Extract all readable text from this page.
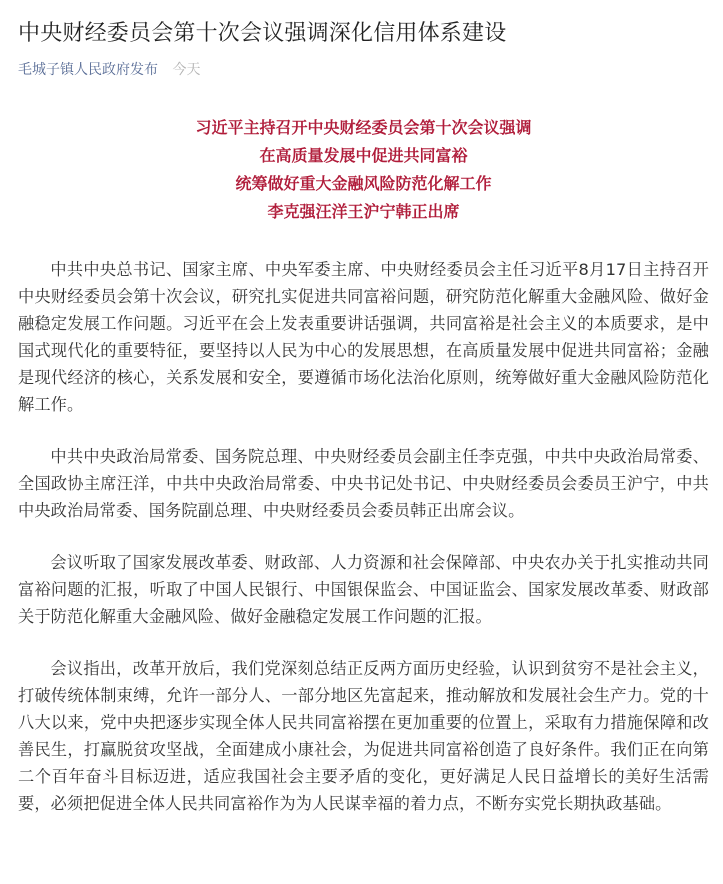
中央财经委员会第十次会议强调深化信用体系建设
毛城子镇人民政府发布 今天
习近平主持召开中央财经委员会第十次会议强调
在高质量发展中促进共同富裕
统筹做好重大金融风险防范化解工作
李克强汪洋王沪宁韩正出席

中共中央总书记、国家主席、中央军委主席、中央财经委员会主任习近平8月17日主持召开中央财经委员会第十次会议，研究扎实促进共同富裕问题，研究防范化解重大金融风险、做好金融稳定发展工作问题。习近平在会上发表重要讲话强调，共同富裕是社会主义的本质要求，是中国式现代化的重要特征，要坚持以人民为中心的发展思想，在高质量发展中促进共同富裕；金融是现代经济的核心，关系发展和安全，要遵循市场化法治化原则，统筹做好重大金融风险防范化解工作。

中共中央政治局常委、国务院总理、中央财经委员会副主任李克强，中共中央政治局常委、全国政协主席汪洋，中共中央政治局常委、中央书记处书记、中央财经委员会委员王沪宁，中共中央政治局常委、国务院副总理、中央财经委员会委员韩正出席会议。

会议听取了国家发展改革委、财政部、人力资源和社会保障部、中央农办关于扎实推动共同富裕问题的汇报，听取了中国人民银行、中国银保监会、中国证监会、国家发展改革委、财政部关于防范化解重大金融风险、做好金融稳定发展工作问题的汇报。

会议指出，改革开放后，我们党深刻总结正反两方面历史经验，认识到贫穷不是社会主义，打破传统体制束缚，允许一部分人、一部分地区先富起来，推动解放和发展社会生产力。党的十八大以来，党中央把逐步实现全体人民共同富裕摆在更加重要的位置上，采取有力措施保障和改善民生，打赢脱贫攻坚战，全面建成小康社会，为促进共同富裕创造了良好条件。我们正在向第二个百年奋斗目标迈进，适应我国社会主要矛盾的变化，更好满足人民日益增长的美好生活需要，必须把促进全体人民共同富裕作为为人民谋幸福的着力点，不断夯实党长期执政基础。
